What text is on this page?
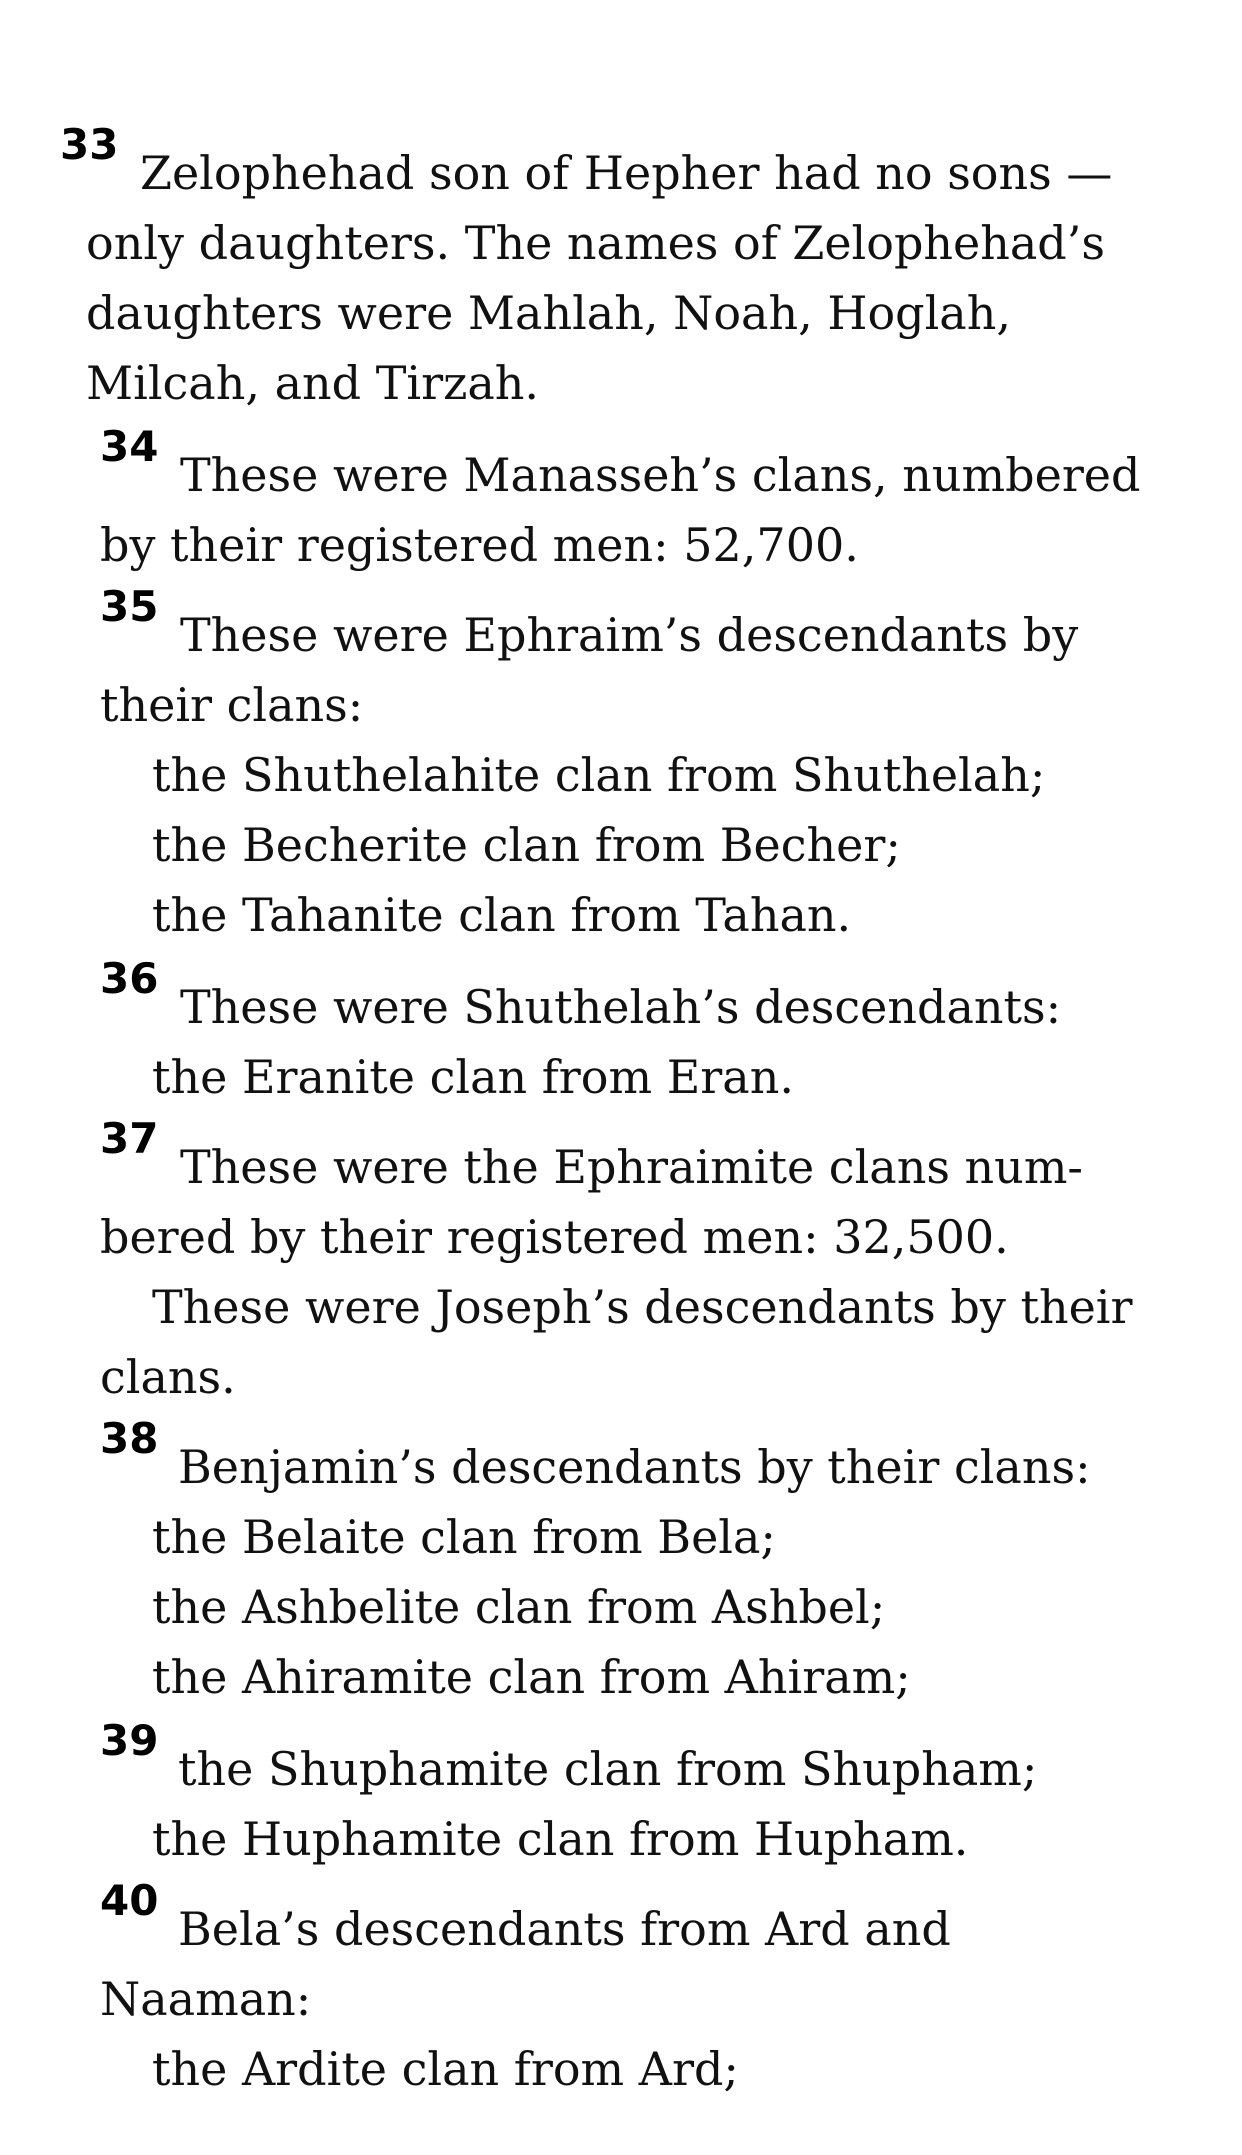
33
Zelophehad son of Hepher had no sons —
only daughters. The names of Zelophehad’s
daughters were Mahlah, Noah, Hoglah,
Milcah, and Tirzah.
34
These were Manasseh’s clans, numbered
by their registered men: 52,700.
35
These were Ephraim’s descendants by
their clans:
the Shuthelahite clan from Shuthelah;
the Becherite clan from Becher;
the Tahanite clan from Tahan.
36
These were Shuthelah’s descendants:
the Eranite clan from Eran.
37
These were the Ephraimite clans num-
bered by their registered men: 32,500.
These were Joseph’s descendants by their
clans.
38
Benjamin’s descendants by their clans:
the Belaite clan from Bela;
the Ashbelite clan from Ashbel;
the Ahiramite clan from Ahiram;
39
the Shuphamite clan from Shupham;
the Huphamite clan from Hupham.
40
Bela’s descendants from Ard and
Naaman:
the Ardite clan from Ard;
